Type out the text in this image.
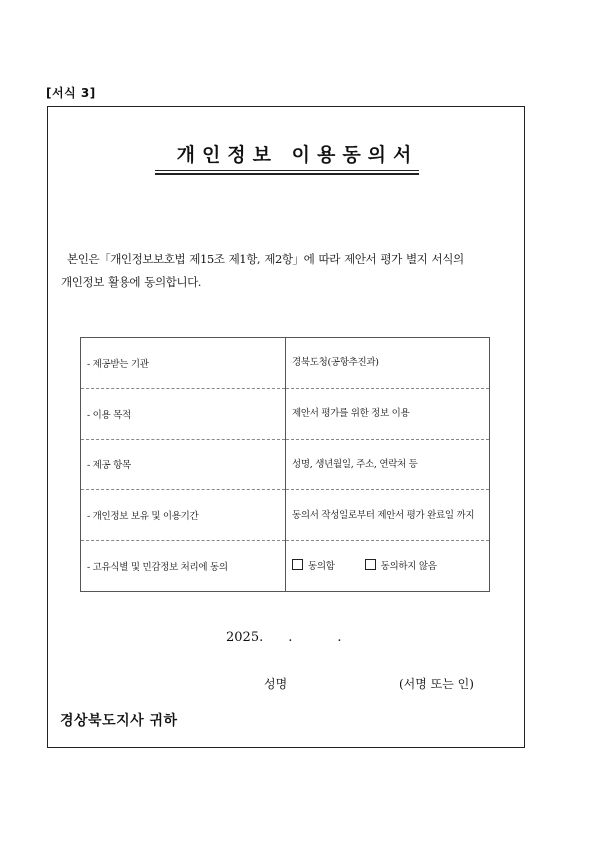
[서식 3]
개인정보 이용동의서

본인은「개인정보보호법 제15조 제1항, 제2항」에 따라 제안서 평가 별지 서식의

개인정보 활용에 동의합니다.

- 제공받는 기관	경북도청(공항추진과)
- 이용 목적	제안서 평가를 위한 정보 이용
- 제공 항목	성명, 생년월일, 주소, 연락처 등
- 개인정보 보유 및 이용기간	동의서 작성일로부터 제안서 평가 완료일 까지
- 고유식별 및 민감정보 처리에 동의	동의함 동의하지 않음
2025. .	.
성명	(서명 또는 인)
경상북도지사 귀하
